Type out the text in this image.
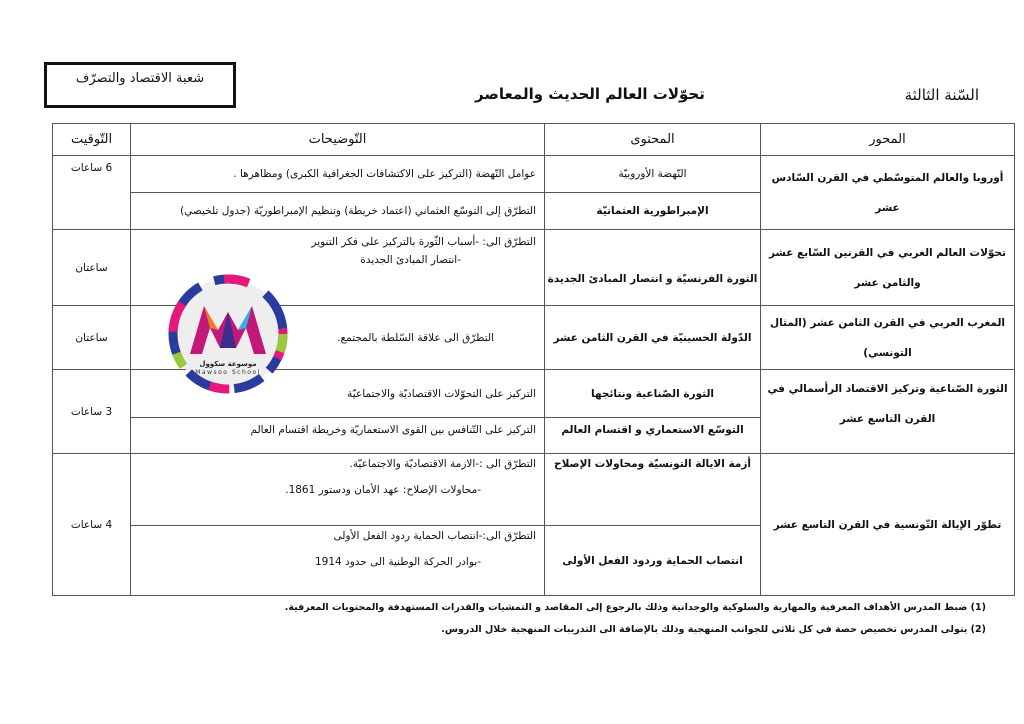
السّنة الثالثة
تحوّلات العالم الحديث والمعاصر
شعبة الاقتصاد والتصرّف
المحور	المحتوى	التّوضيحات	التّوقيت
أوروبا والعالم المتوسّطي في القرن السّادس عشر	النّهضة الأوروبيّة	عوامل النّهضة (التركيز على الاكتشافات الجغرافية الكبرى) ومظاهرها .	6 ساعات
	الإمبراطورية العثمانيّة	التطرّق إلى التوسّع العثماني (اعتماد خريطة) وتنظيم الإمبراطوريّة (جدول تلخيصي)	
تحوّلات العالم الغربي في القرنين السّابع عشر والثامن عشر	الثورة الفرنسيّة و انتصار المبادئ الجديدة	التطرّق الى: -أسباب الثّورة بالتركيز على فكر التنوير
-انتصار المبادئ الجديدة	ساعتان
المغرب العربي في القرن الثامن عشر (المثال التونسي)	الدّولة الحسينيّة في القرن الثامن عشر	التطرّق الى علاقة السّلطة بالمجتمع.	ساعتان
الثورة الصّناعية وتركيز الاقتصاد الرأسمالي في القرن التاسع عشر	الثورة الصّناعية ونتائجها	التركيز على التحوّلات الاقتصاديّة والاجتماعيّة	3 ساعات
	التوسّع الاستعماري و اقتسام العالم	التركيز على التّنافس بين القوى الاستعماريّة وخريطة اقتسام العالم	
تطوّر الإيالة التّونسية في القرن التاسع عشر	أزمة الايالة التونسيّة ومحاولات الإصلاح	التطرّق الى :-الازمة الاقتصاديّة والاجتماعيّة.
-محاولات الإصلاح: عهد الأمان ودستور 1861.	4 ساعات
	انتصاب الحماية وردود الفعل الأولى	التطرّق الى:-انتصاب الحماية ردود الفعل الأولى
-بوادر الحركة الوطنية الى حدود 1914	
(1) ضبط المدرس الأهداف المعرفية والمهارية والسلوكية والوجدانية وذلك بالرجوع إلى المقاصد و التمشيات والقدرات المستهدفة والمحتويات المعرفية.
(2) يتولى المدرس تخصيص حصة في كل ثلاثي للجوانب المنهجية وذلك بالإضافة الى التدريبات المنهجية خلال الدروس.
موسوعة سكوول
Mawsoo School
